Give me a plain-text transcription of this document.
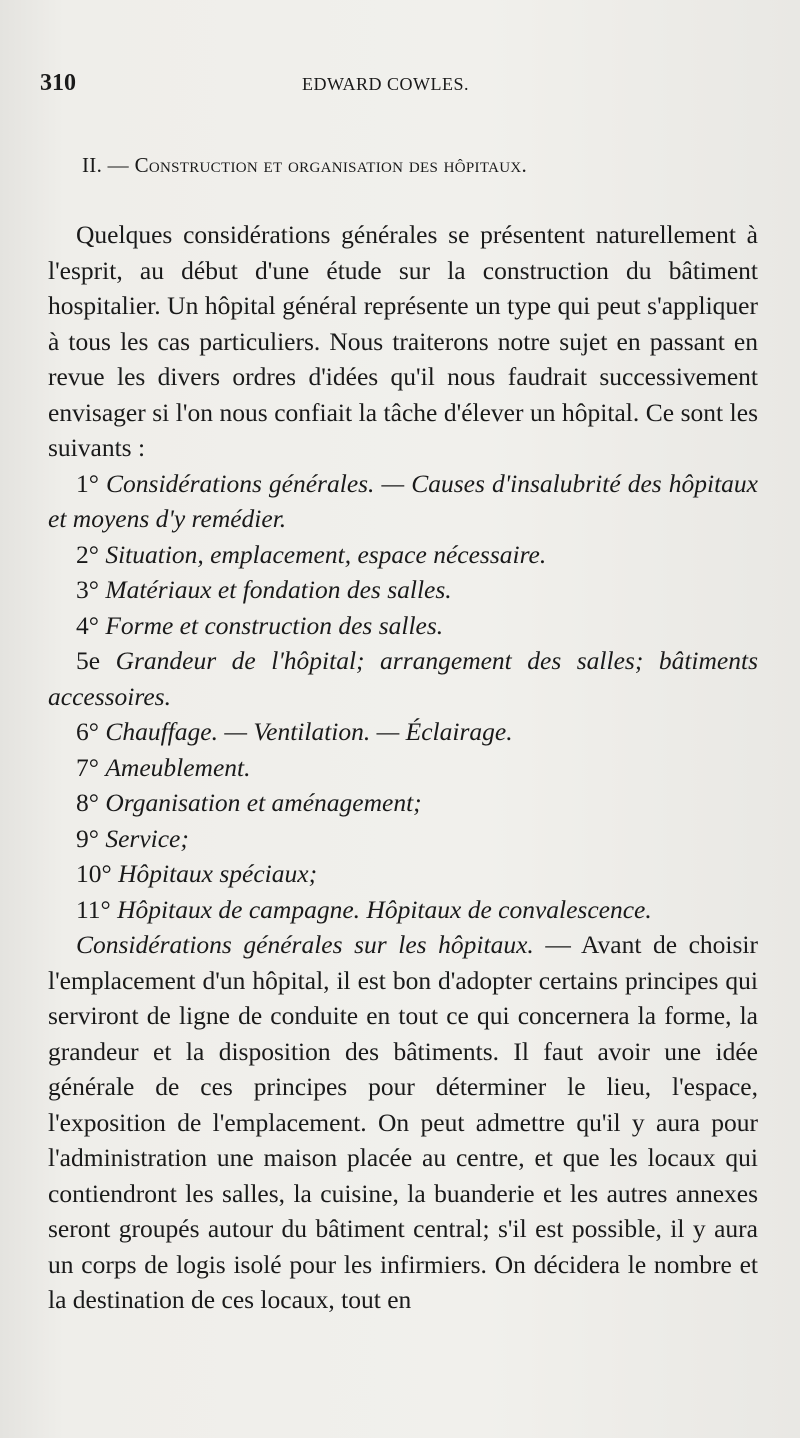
310	EDWARD COWLES.
II. — Construction et organisation des hôpitaux.

Quelques considérations générales se présentent naturellement à l'esprit, au début d'une étude sur la construction du bâtiment hospitalier. Un hôpital général représente un type qui peut s'appliquer à tous les cas particuliers. Nous traiterons notre sujet en passant en revue les divers ordres d'idées qu'il nous faudrait successivement envisager si l'on nous confiait la tâche d'élever un hôpital. Ce sont les suivants :

1° Considérations générales. — Causes d'insalubrité des hôpitaux et moyens d'y remédier.
2° Situation, emplacement, espace nécessaire.
3° Matériaux et fondation des salles.
4° Forme et construction des salles.
5e Grandeur de l'hôpital; arrangement des salles; bâtiments accessoires.
6° Chauffage. — Ventilation. — Éclairage.
7° Ameublement.
8° Organisation et aménagement;
9° Service;
10° Hôpitaux spéciaux;
11° Hôpitaux de campagne. Hôpitaux de convalescence.

Considérations générales sur les hôpitaux. — Avant de choisir l'emplacement d'un hôpital, il est bon d'adopter certains principes qui serviront de ligne de conduite en tout ce qui concernera la forme, la grandeur et la disposition des bâtiments. Il faut avoir une idée générale de ces principes pour déterminer le lieu, l'espace, l'exposition de l'emplacement. On peut admettre qu'il y aura pour l'administration une maison placée au centre, et que les locaux qui contiendront les salles, la cuisine, la buanderie et les autres annexes seront groupés autour du bâtiment central; s'il est possible, il y aura un corps de logis isolé pour les infirmiers. On décidera le nombre et la destination de ces locaux, tout en
